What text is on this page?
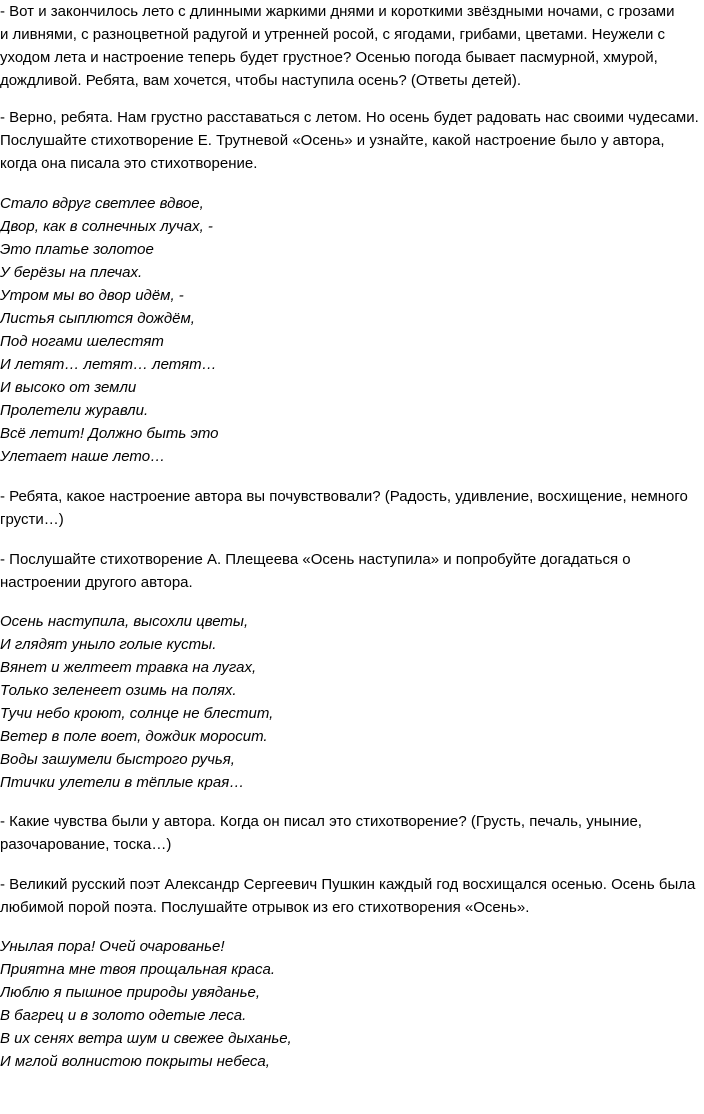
- Вот и закончилось лето с длинными жаркими днями и короткими звёздными ночами, с грозами
и ливнями, с разноцветной радугой и утренней росой, с ягодами, грибами, цветами. Неужели с
уходом лета и настроение теперь будет грустное? Осенью погода бывает пасмурной, хмурой,
дождливой. Ребята, вам хочется, чтобы наступила осень? (Ответы детей).
- Верно, ребята. Нам грустно расставаться с летом. Но осень будет радовать нас своими чудесами.
Послушайте стихотворение Е. Трутневой «Осень» и узнайте, какой настроение было у автора,
когда она писала это стихотворение.
Стало вдруг светлее вдвое,
Двор, как в солнечных лучах, -
Это платье золотое
У берёзы на плечах.
Утром мы во двор идём, -
Листья сыплются дождём,
Под ногами шелестят
И летят… летят… летят…
И высоко от земли
Пролетели журавли.
Всё летит! Должно быть это
Улетает наше лето…
- Ребята, какое настроение автора вы почувствовали? (Радость, удивление, восхищение, немного
грусти…)
- Послушайте стихотворение А. Плещеева «Осень наступила» и попробуйте догадаться о
настроении другого автора.
Осень наступила, высохли цветы,
И глядят уныло голые кусты.
Вянет и желтеет травка на лугах,
Только зеленеет озимь на полях.
Тучи небо кроют, солнце не блестит,
Ветер в поле воет, дождик моросит.
Воды зашумели быстрого ручья,
Птички улетели в тёплые края…
- Какие чувства были у автора. Когда он писал это стихотворение? (Грусть, печаль, уныние,
разочарование, тоска…)
- Великий русский поэт Александр Сергеевич Пушкин каждый год восхищался осенью. Осень была
любимой порой поэта. Послушайте отрывок из его стихотворения «Осень».
Унылая пора! Очей очарованье!
Приятна мне твоя прощальная краса.
Люблю я пышное природы увяданье,
В багрец и в золото одетые леса.
В их сенях ветра шум и свежее дыханье,
И мглой волнистою покрыты небеса,
